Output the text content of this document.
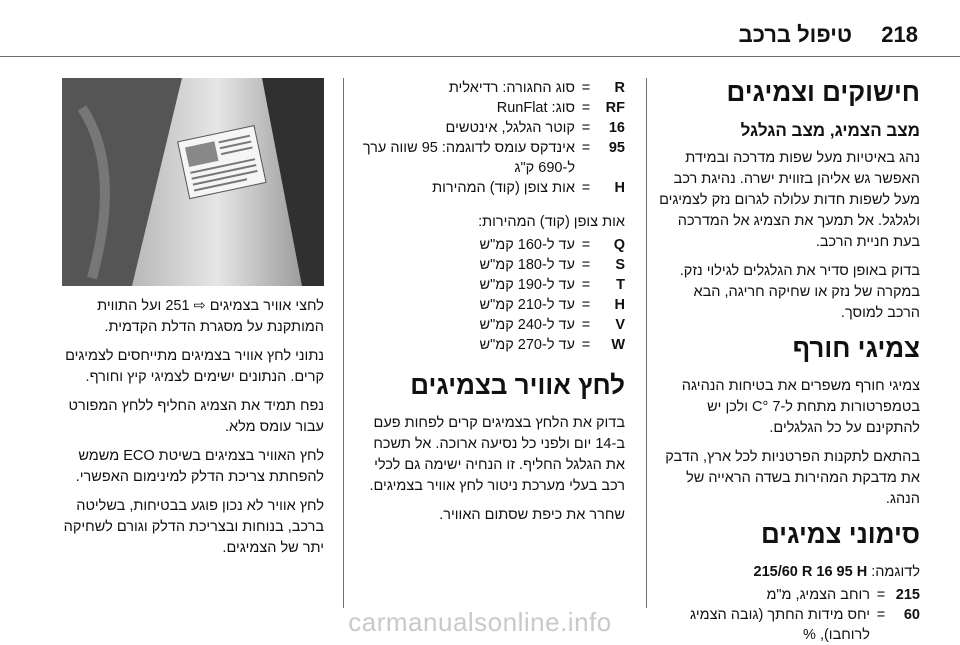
218
טיפול ברכב
חישוקים וצמיגים
מצב הצמיג, מצב הגלגל

נהג באיטיות מעל שפות מדרכה ובמידת האפשר גש אליהן בזווית ישרה. נהיגת רכב מעל לשפות חדות עלולה לגרום נזק לצמיגים ולגלגל. אל תמעך את הצמיג אל המדרכה בעת חניית הרכב.

בדוק באופן סדיר את הגלגלים לגילוי נזק. במקרה של נזק או שחיקה חריגה, הבא הרכב למוסך.

צמיגי חורף

צמיגי חורף משפרים את בטיחות הנהיגה בטמפרטורות מתחת ל-7 °C ולכן יש להתקינם על כל הגלגלים.

בהתאם לתקנות הפרטניות לכל ארץ, הדבק את מדבקת המהירות בשדה הראייה של הנהג.

סימוני צמיגים

לדוגמה: 215/60 R 16 95 H

215
=
רוחב הצמיג, מ"מ
60
=
יחס מידות החתך (גובה הצמיג לרוחבו), %
R
=
סוג החגורה: רדיאלית
RF
=
סוג: RunFlat
16
=
קוטר הגלגל, אינטשים
95
=
אינדקס עומס לדוגמה: 95 שווה ערך ל-690 ק"ג
H
=
אות צופן (קוד) המהירות

אות צופן (קוד) המהירות:

Q
=
עד ל-160 קמ"ש
S
=
עד ל-180 קמ"ש
T
=
עד ל-190 קמ"ש
H
=
עד ל-210 קמ"ש
V
=
עד ל-240 קמ"ש
W
=
עד ל-270 קמ"ש
לחץ אוויר בצמיגים

בדוק את הלחץ בצמיגים קרים לפחות פעם ב-14 יום ולפני כל נסיעה ארוכה. אל תשכח את הגלגל החליף. זו הנחיה ישימה גם לכלי רכב בעלי מערכת ניטור לחץ אוויר בצמיגים.

שחרר את כיפת שסתום האוויר.

לחצי אוויר בצמיגים ⇨ 251 ועל התווית המותקנת על מסגרת הדלת הקדמית.

נתוני לחץ אוויר בצמיגים מתייחסים לצמיגים קרים. הנתונים ישימים לצמיגי קיץ וחורף.

נפח תמיד את הצמיג החליף ללחץ המפורט עבור עומס מלא.

לחץ האוויר בצמיגים בשיטת ECO משמש להפחתת צריכת הדלק למינימום האפשרי.

לחץ אוויר לא נכון פוגע בבטיחות, בשליטה ברכב, בנוחות ובצריכת הדלק וגורם לשחיקה יתר של הצמיגים.

carmanualsonline.info
